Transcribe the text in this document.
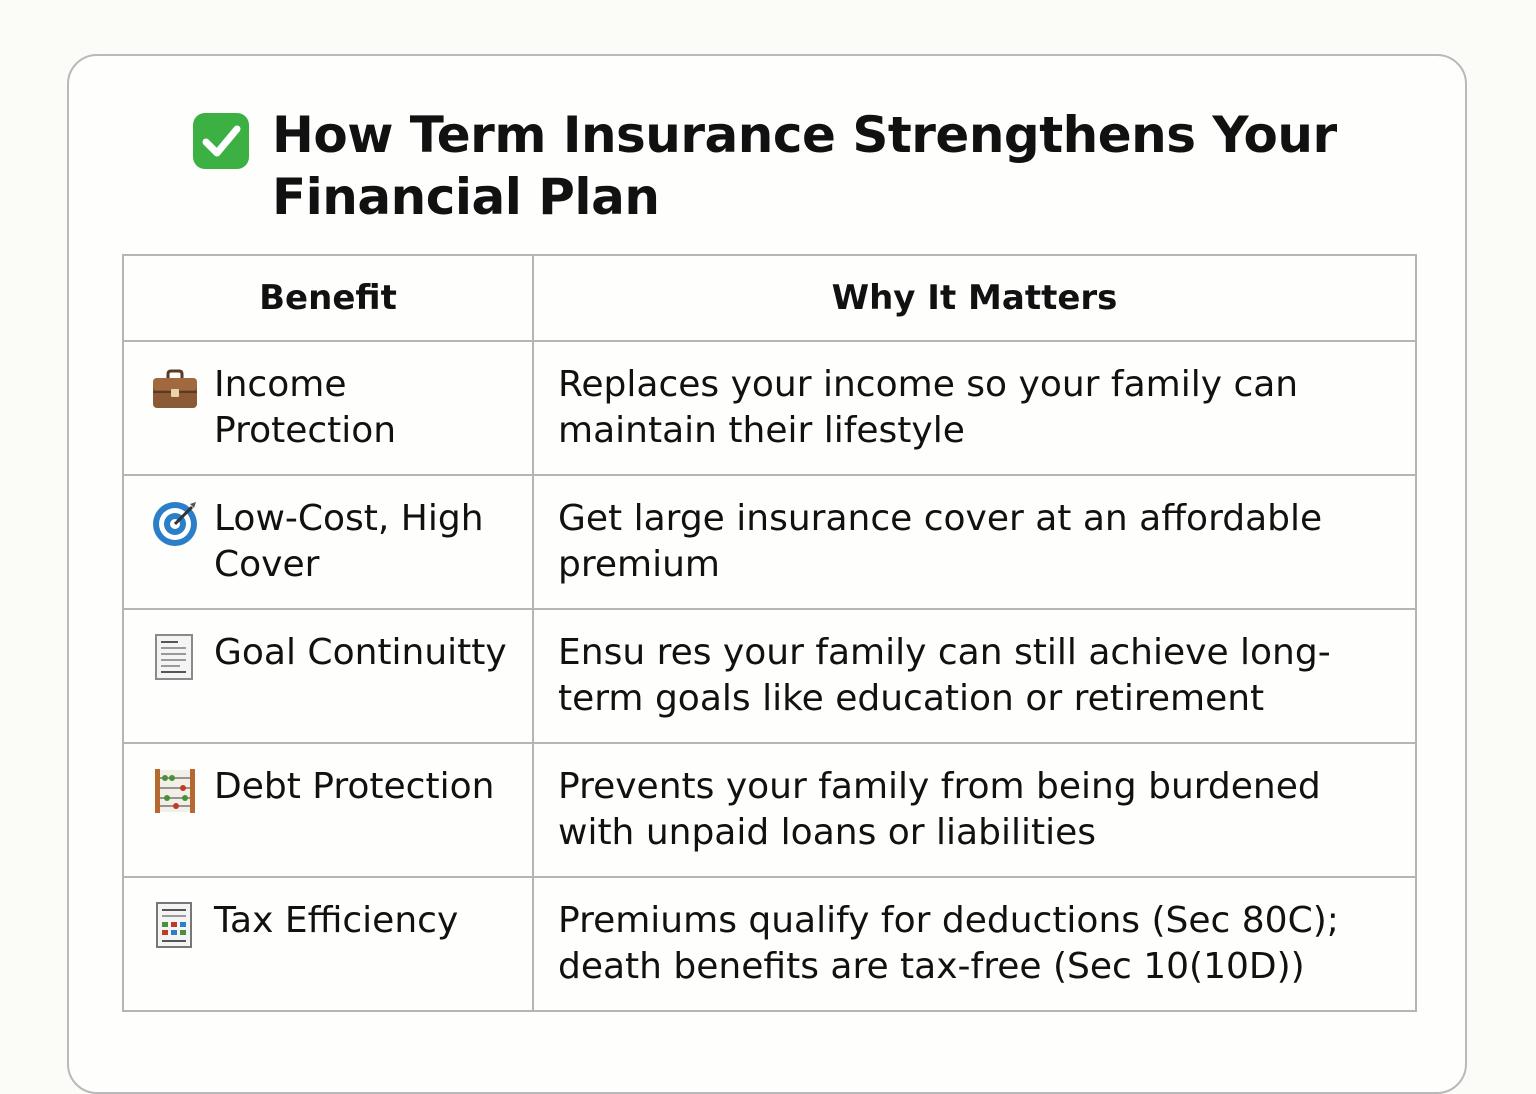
How Term Insurance Strengthens Your Financial Plan
Benefit	Why It Matters

Income Protection	Replaces your income so your family can maintain their lifestyle

Low-Cost, High Cover	Get large insurance cover at an affordable premium

Goal Continuitty	Ensu res your family can still achieve long-term goals like education or retirement

Debt Protection	Prevents your family from being burdened with unpaid loans or liabilities

Tax Efficiency	Premiums qualify for deductions (Sec 80C); death benefits are tax-free (Sec 10(10D))
